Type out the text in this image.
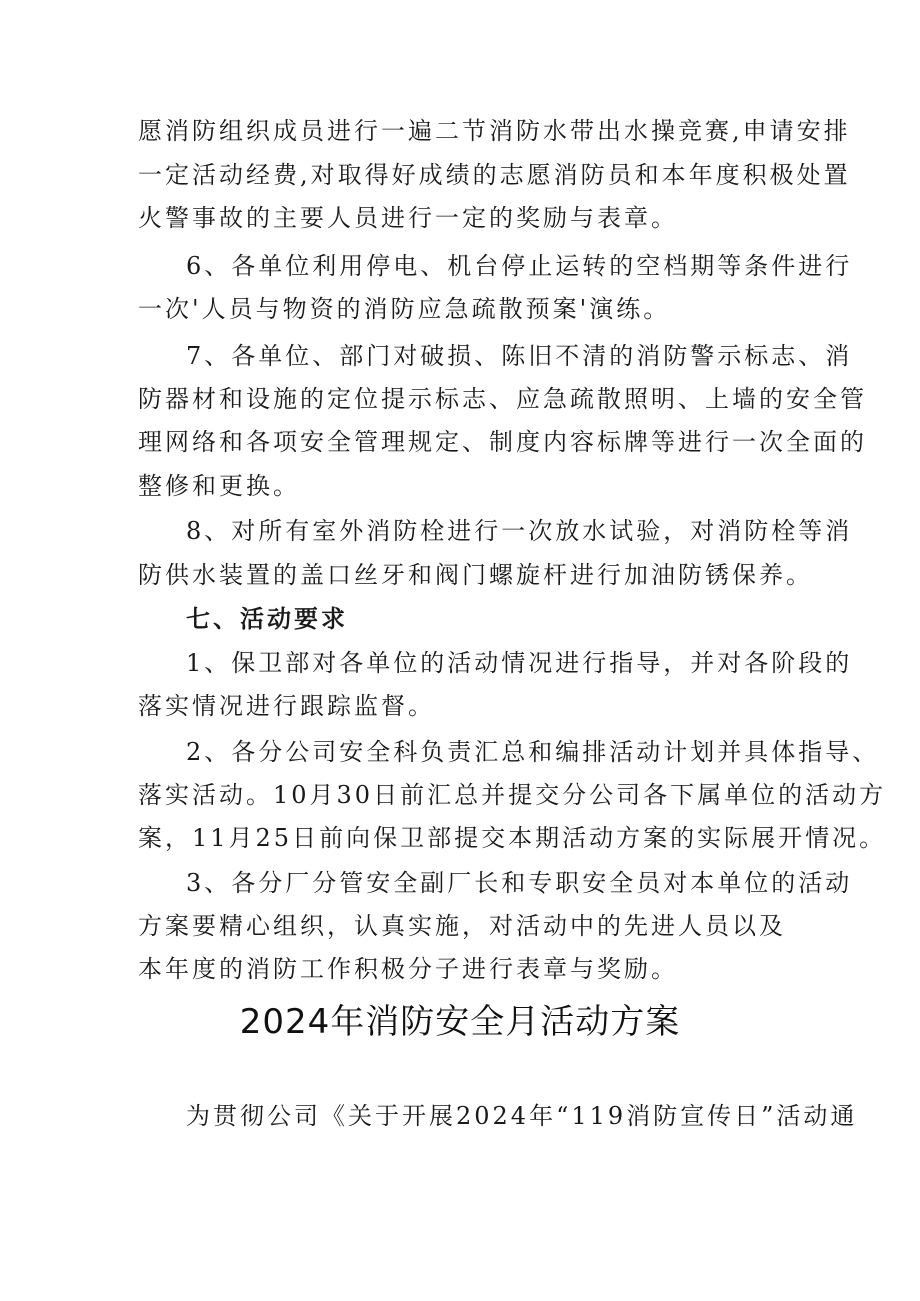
愿消防组织成员进行一遍二节消防水带出水操竞赛,申请安排
一定活动经费,对取得好成绩的志愿消防员和本年度积极处置
火警事故的主要人员进行一定的奖励与表章。
6、各单位利用停电、机台停止运转的空档期等条件进行
一次'人员与物资的消防应急疏散预案'演练。
7、各单位、部门对破损、陈旧不清的消防警示标志、消
防器材和设施的定位提示标志、应急疏散照明、上墙的安全管
理网络和各项安全管理规定、制度内容标牌等进行一次全面的
整修和更换。
8、对所有室外消防栓进行一次放水试验，对消防栓等消
防供水装置的盖口丝牙和阀门螺旋杆进行加油防锈保养。
七、活动要求
1、保卫部对各单位的活动情况进行指导，并对各阶段的
落实情况进行跟踪监督。
2、各分公司安全科负责汇总和编排活动计划并具体指导、
落实活动。10月30日前汇总并提交分公司各下属单位的活动方
案，11月25日前向保卫部提交本期活动方案的实际展开情况。
3、各分厂分管安全副厂长和专职安全员对本单位的活动
方案要精心组织，认真实施，对活动中的先进人员以及
本年度的消防工作积极分子进行表章与奖励。
2024年消防安全月活动方案
为贯彻公司《关于开展2024年“119消防宣传日”活动通
